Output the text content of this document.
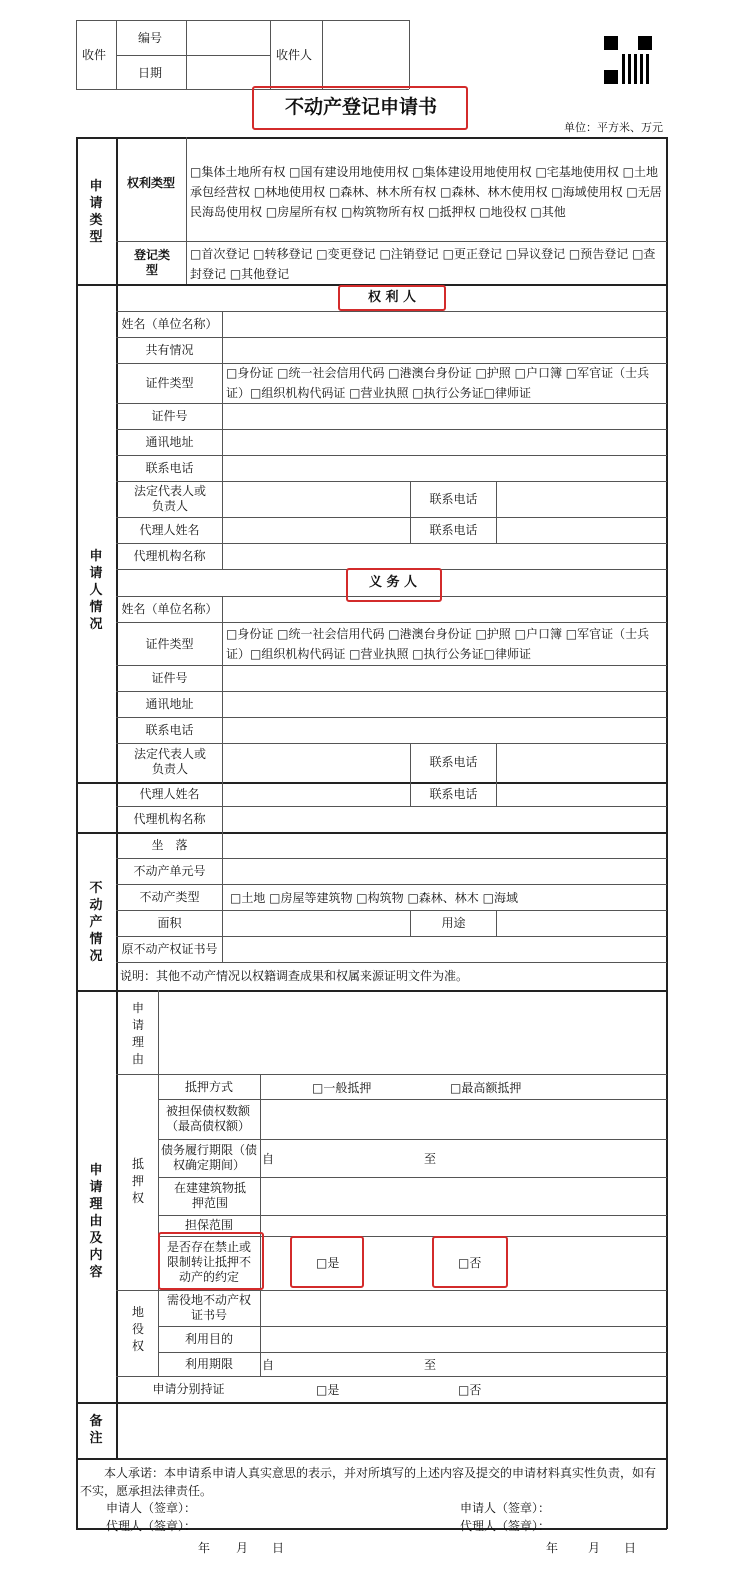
收件
编号
日期
收件人
不动产登记申请书
单位：平方米、万元
申请类型
权利类型
□集体土地所有权 □国有建设用地使用权 □集体建设用地使用权 □宅基地使用权 □土地承包经营权 □林地使用权 □森林、林木所有权 □森林、林木使用权 □海域使用权 □无居民海岛使用权 □房屋所有权 □构筑物所有权 □抵押权 □地役权 □其他
登记类型
□首次登记 □转移登记 □变更登记 □注销登记 □更正登记 □异议登记 □预告登记 □查封登记 □其他登记
申请人情况
权 利 人
姓名（单位名称）
共有情况
证件类型
□身份证 □统一社会信用代码 □港澳台身份证 □护照 □户口簿 □军官证（士兵证）□组织机构代码证 □营业执照 □执行公务证□律师证
证件号
通讯地址
联系电话
法定代表人或负责人	联系电话
代理人姓名	联系电话
代理机构名称
义 务 人
姓名（单位名称）
证件类型
□身份证 □统一社会信用代码 □港澳台身份证 □护照 □户口簿 □军官证（士兵证）□组织机构代码证 □营业执照 □执行公务证□律师证
证件号
通讯地址
联系电话
法定代表人或负责人	联系电话
代理人姓名	联系电话
代理机构名称
不动产情况
坐　落
不动产单元号
不动产类型	□土地 □房屋等建筑物 □构筑物 □森林、林木 □海域
面积	用途
原不动产权证书号
说明：其他不动产情况以权籍调查成果和权属来源证明文件为准。
申请理由及内容
申请理由
抵押权
抵押方式	□一般抵押	□最高额抵押
被担保债权数额（最高债权额）
债务履行期限（债权确定期间）	自	至
在建建筑物抵押范围
担保范围
是否存在禁止或限制转让抵押不动产的约定
□是	□否
地役权
需役地不动产权证书号
利用目的
利用期限	自	至
申请分别持证	□是	□否
备注
本人承诺：本申请系申请人真实意思的表示，并对所填写的上述内容及提交的申请材料真实性负责，如有不实，愿承担法律责任。
申请人（签章）：
代理人（签章）：
申请人（签章）：
代理人（签章）：
年 月 日	年 月 日
